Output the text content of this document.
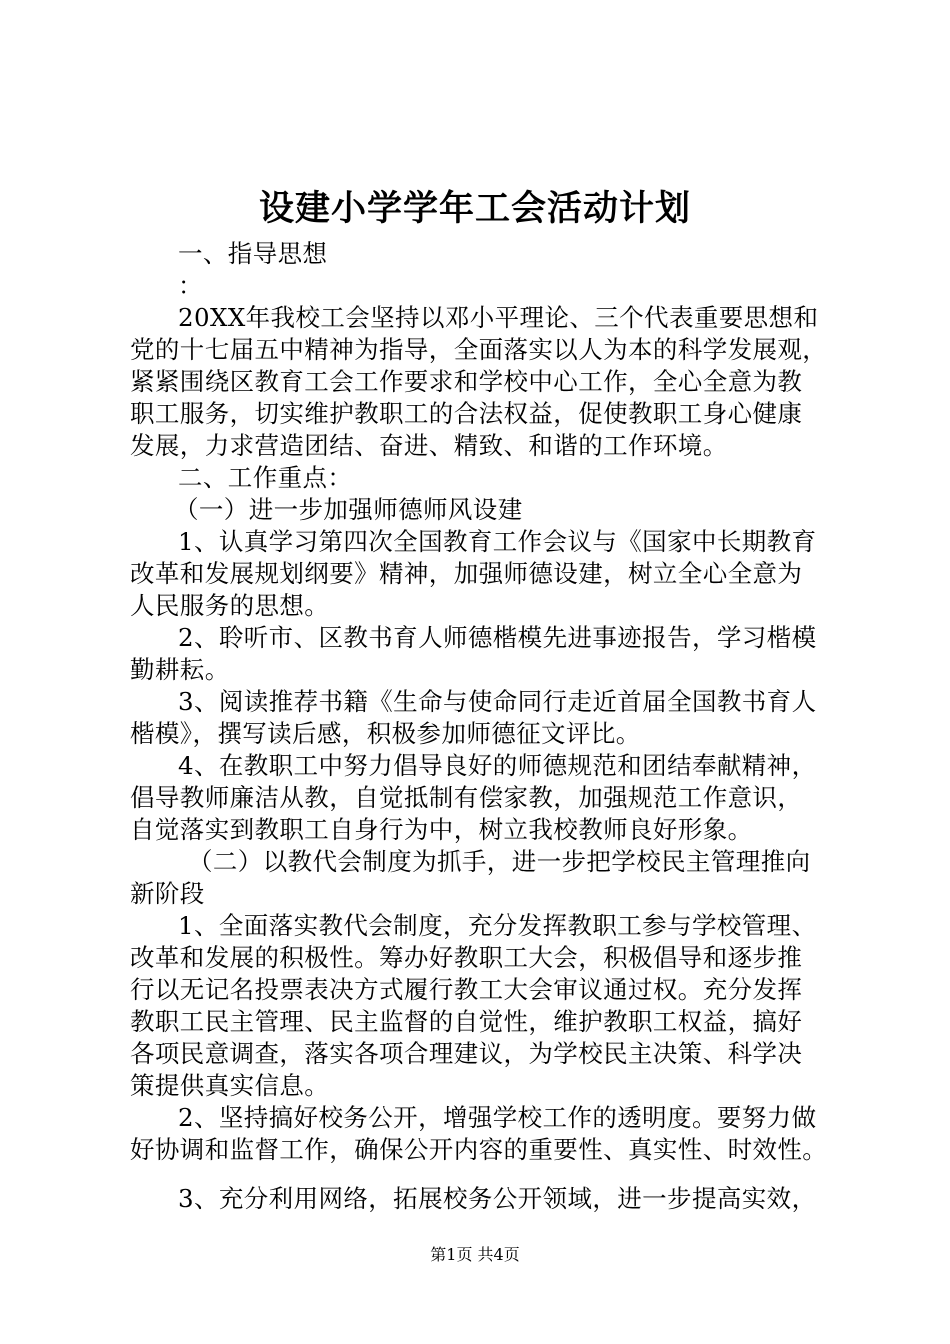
设建小学学年工会活动计划
一、指导思想
：
20XX年我校工会坚持以邓小平理论、三个代表重要思想和
党的十七届五中精神为指导，全面落实以人为本的科学发展观，
紧紧围绕区教育工会工作要求和学校中心工作，全心全意为教
职工服务，切实维护教职工的合法权益，促使教职工身心健康
发展，力求营造团结、奋进、精致、和谐的工作环境。
二、工作重点：
（一）进一步加强师德师风设建
1、认真学习第四次全国教育工作会议与《国家中长期教育
改革和发展规划纲要》精神，加强师德设建，树立全心全意为
人民服务的思想。
2、聆听市、区教书育人师德楷模先进事迹报告，学习楷模
勤耕耘。
3、阅读推荐书籍《生命与使命同行走近首届全国教书育人
楷模》，撰写读后感，积极参加师德征文评比。
4、在教职工中努力倡导良好的师德规范和团结奉献精神，
倡导教师廉洁从教，自觉抵制有偿家教，加强规范工作意识，
自觉落实到教职工自身行为中，树立我校教师良好形象。
（二）以教代会制度为抓手，进一步把学校民主管理推向
新阶段
1、全面落实教代会制度，充分发挥教职工参与学校管理、
改革和发展的积极性。筹办好教职工大会，积极倡导和逐步推
行以无记名投票表决方式履行教工大会审议通过权。充分发挥
教职工民主管理、民主监督的自觉性，维护教职工权益，搞好
各项民意调查，落实各项合理建议，为学校民主决策、科学决
策提供真实信息。
2、坚持搞好校务公开，增强学校工作的透明度。要努力做
好协调和监督工作，确保公开内容的重要性、真实性、时效性。
3、充分利用网络，拓展校务公开领域，进一步提高实效，
第1页 共4页
